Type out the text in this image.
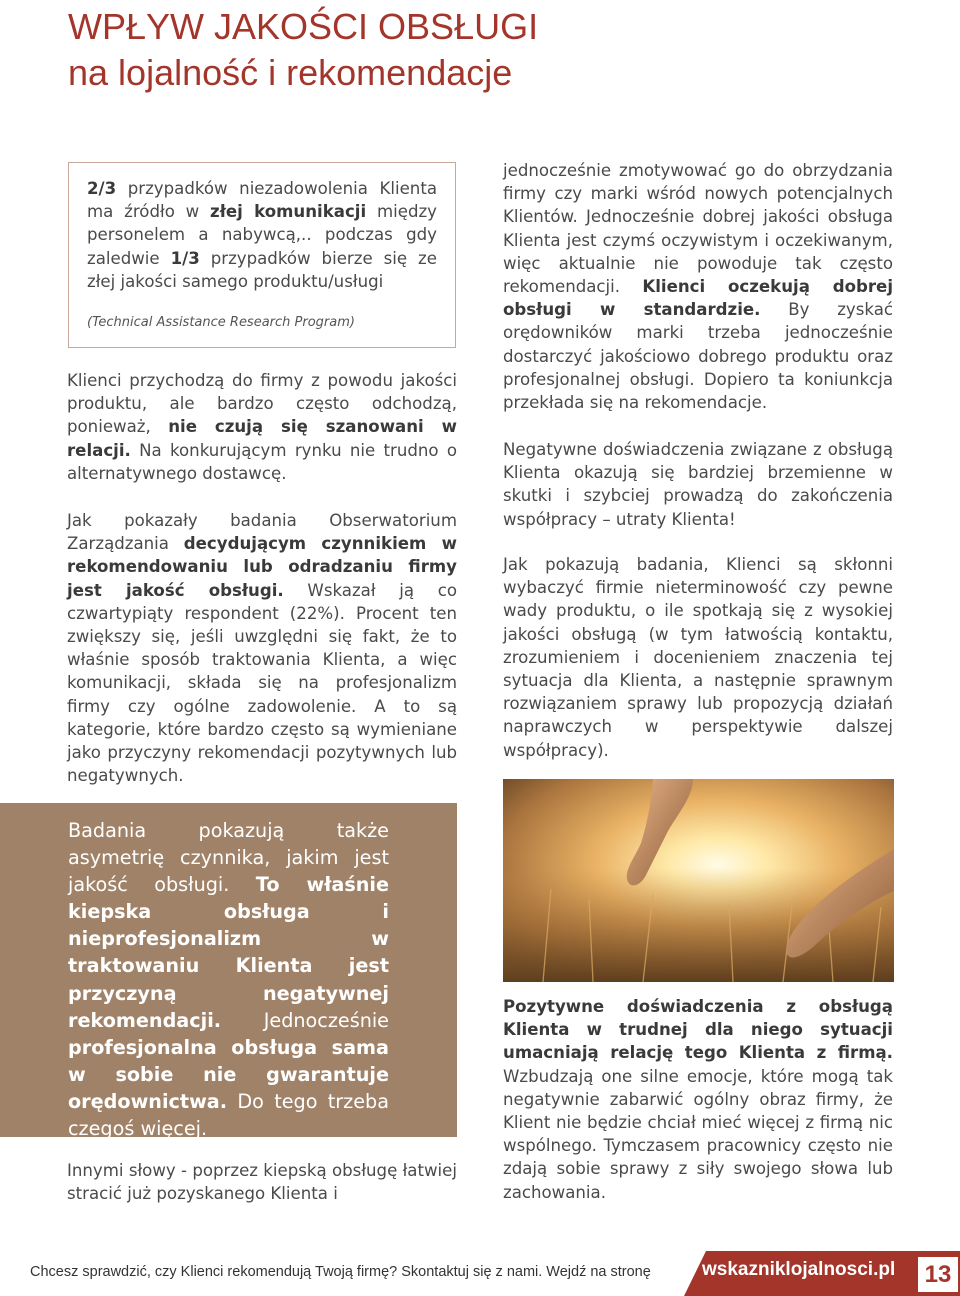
WPŁYW JAKOŚCI OBSŁUGI
na lojalność i rekomendacje

2/3 przypadków niezadowolenia Klienta ma źródło w złej komunikacji między personelem a nabywcą,.. podczas gdy zaledwie 1/3 przypadków bierze się ze złej jakości samego produktu/usługi

(Technical Assistance Research Program)

Klienci przychodzą do firmy z powodu jakości produktu, ale bardzo często odchodzą, ponieważ, nie czują się szanowani w relacji. Na konkurującym rynku nie trudno o alternatywnego dostawcę.

Jak pokazały badania Obserwatorium Zarządzania decydującym czynnikiem w rekomendowaniu lub odradzaniu firmy jest jakość obsługi. Wskazał ją co czwartypiąty respondent (22%). Procent ten zwiększy się, jeśli uwzględni się fakt, że to właśnie sposób traktowania Klienta, a więc komunikacji, składa się na profesjonalizm firmy czy ogólne zadowolenie. A to są kategorie, które bardzo często są wymieniane jako przyczyny rekomendacji pozytywnych lub negatywnych.

Badania pokazują także asymetrię czynnika, jakim jest jakość obsługi. To właśnie kiepska obsługa i nieprofesjonalizm w traktowaniu Klienta jest przyczyną negatywnej rekomendacji. Jednocześnie profesjonalna obsługa sama w sobie nie gwarantuje orędownictwa. Do tego trzeba czegoś więcej.

Innymi słowy - poprzez kiepską obsługę łatwiej stracić już pozyskanego Klienta i

jednocześnie zmotywować go do obrzydzania firmy czy marki wśród nowych potencjalnych Klientów. Jednocześnie dobrej jakości obsługa Klienta jest czymś oczywistym i oczekiwanym, więc aktualnie nie powoduje tak często rekomendacji. Klienci oczekują dobrej obsługi w standardzie. By zyskać orędowników marki trzeba jednocześnie dostarczyć jakościowo dobrego produktu oraz profesjonalnej obsługi. Dopiero ta koniunkcja przekłada się na rekomendacje.

Negatywne doświadczenia związane z obsługą Klienta okazują się bardziej brzemienne w skutki i szybciej prowadzą do zakończenia współpracy – utraty Klienta!

Jak pokazują badania, Klienci są skłonni wybaczyć firmie nieterminowość czy pewne wady produktu, o ile spotkają się z wysokiej jakości obsługą (w tym łatwością kontaktu, zrozumieniem i docenieniem znaczenia tej sytuacja dla Klienta, a następnie sprawnym rozwiązaniem sprawy lub propozycją działań naprawczych w perspektywie dalszej współpracy).

Pozytywne doświadczenia z obsługą Klienta w trudnej dla niego sytuacji umacniają relację tego Klienta z firmą. Wzbudzają one silne emocje, które mogą tak negatywnie zabarwić ogólny obraz firmy, że Klient nie będzie chciał mieć więcej z firmą nic wspólnego. Tymczasem pracownicy często nie zdają sobie sprawy z siły swojego słowa lub zachowania.

Chcesz sprawdzić, czy Klienci rekomendują Twoją firmę? Skontaktuj się z nami. Wejdź na stronę	wskazniklojalnosci.pl 13
